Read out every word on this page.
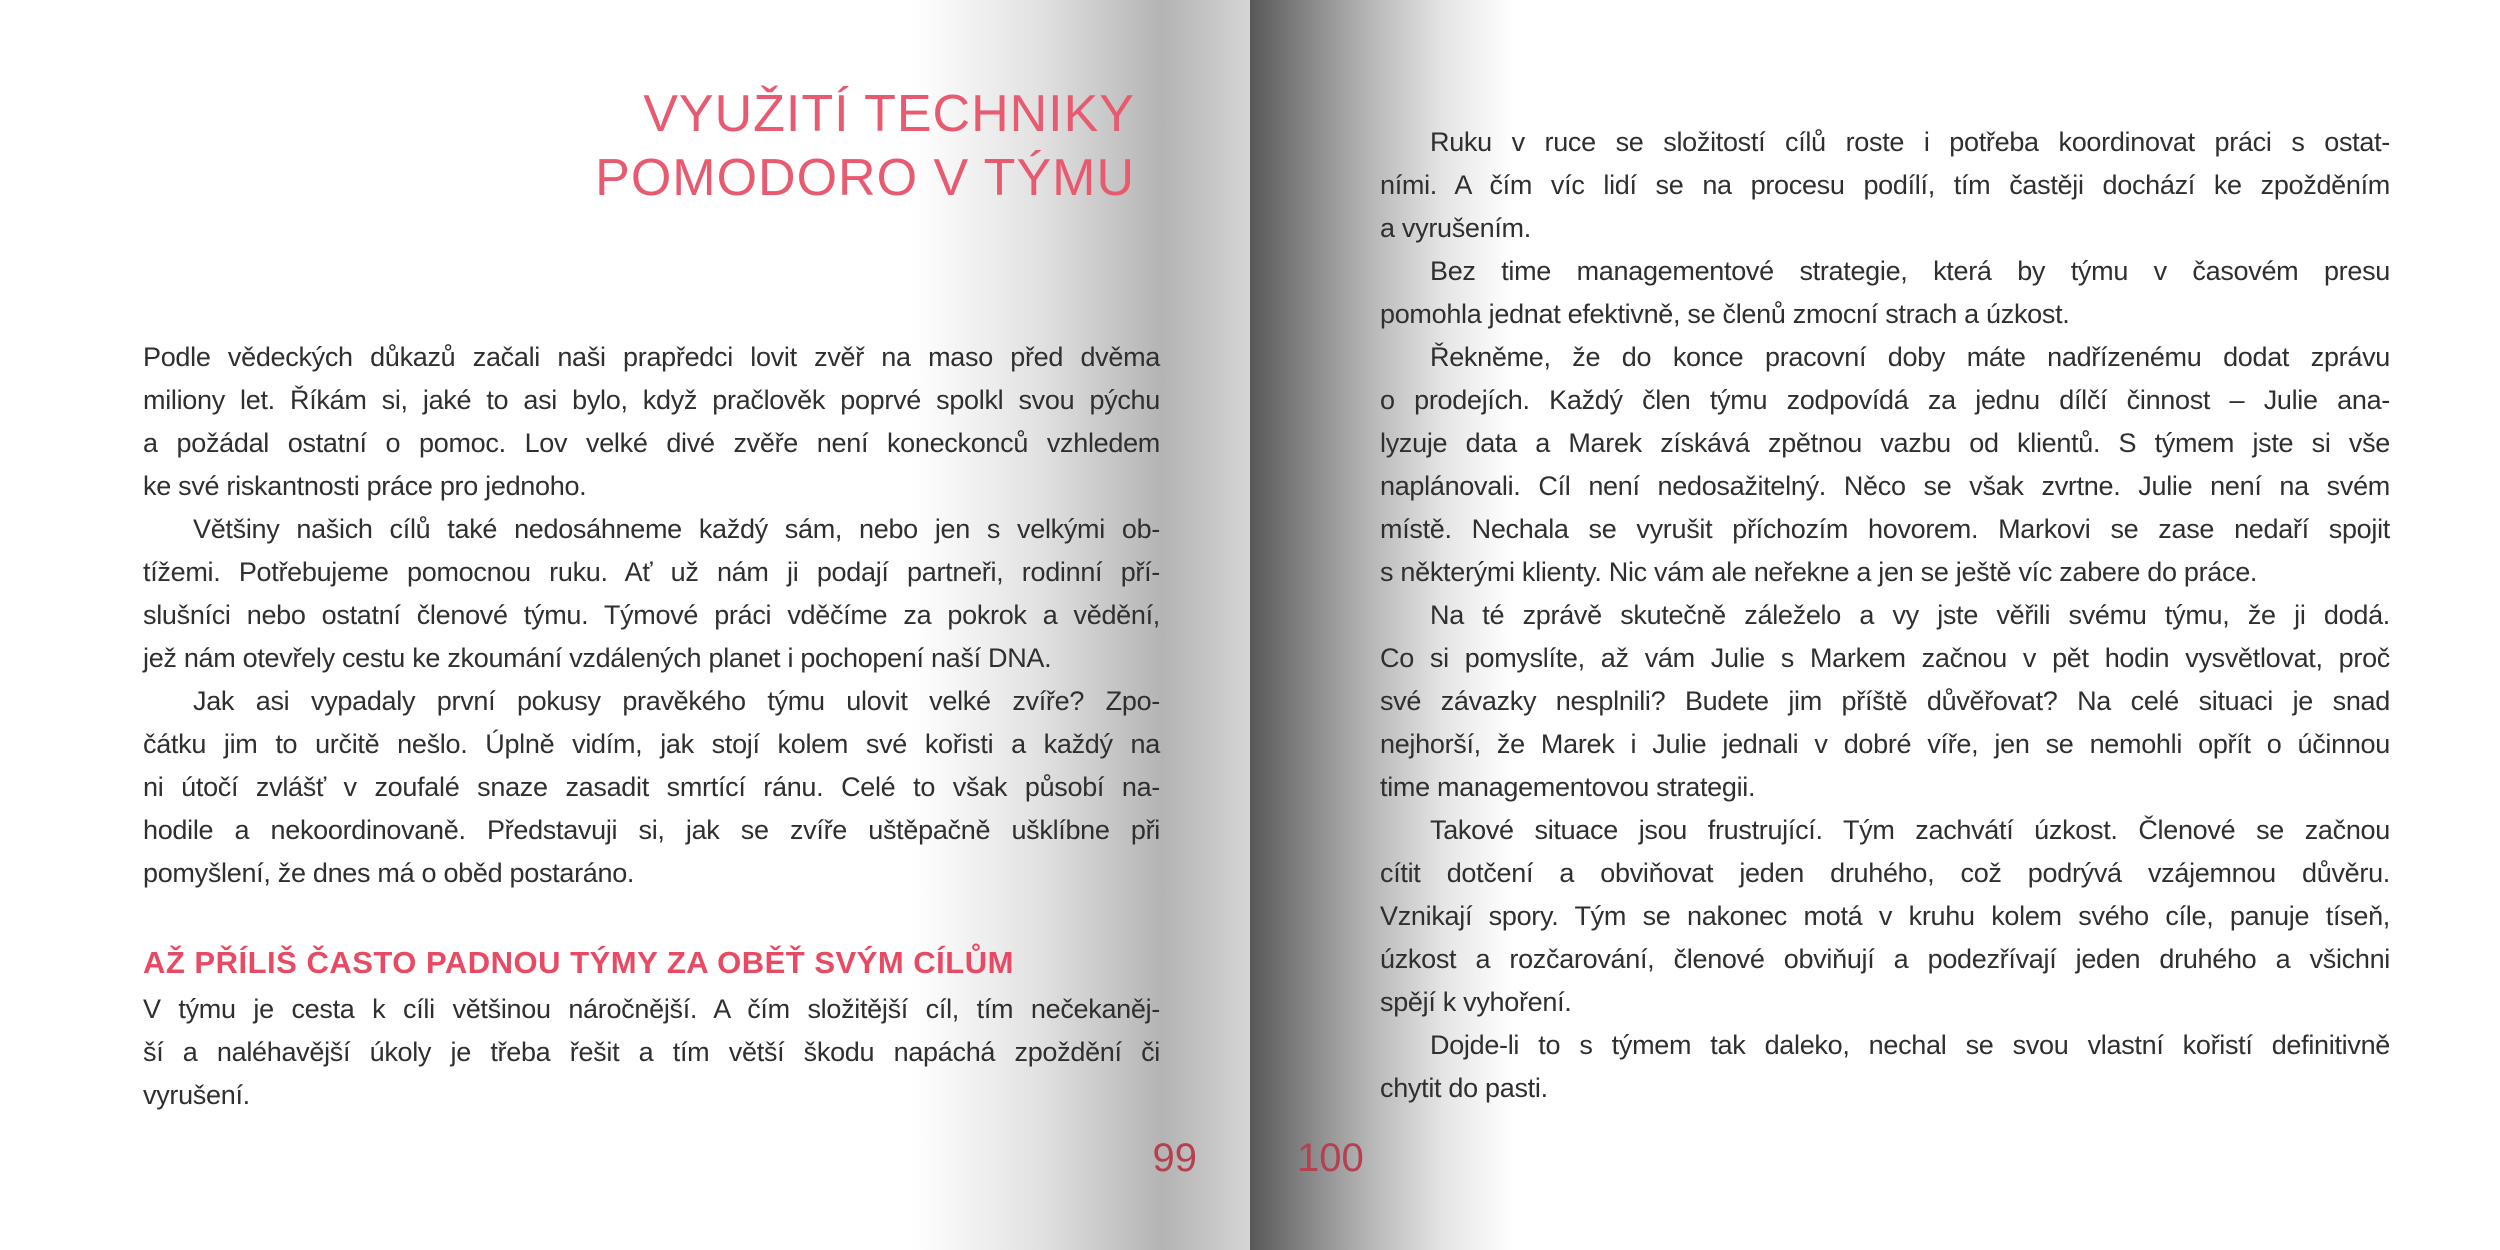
VYUŽITÍ TECHNIKY
POMODORO V TÝMU
Podle vědeckých důkazů začali naši prapředci lovit zvěř na maso před dvěma
miliony let. Říkám si, jaké to asi bylo, když pračlověk poprvé spolkl svou pýchu
a požádal ostatní o pomoc. Lov velké divé zvěře není koneckonců vzhledem
ke své riskantnosti práce pro jednoho.
Většiny našich cílů také nedosáhneme každý sám, nebo jen s velkými ob-
tížemi. Potřebujeme pomocnou ruku. Ať už nám ji podají partneři, rodinní pří-
slušníci nebo ostatní členové týmu. Týmové práci vděčíme za pokrok a vědění,
jež nám otevřely cestu ke zkoumání vzdálených planet i pochopení naší DNA.
Jak asi vypadaly první pokusy pravěkého týmu ulovit velké zvíře? Zpo-
čátku jim to určitě nešlo. Úplně vidím, jak stojí kolem své kořisti a každý na
ni útočí zvlášť v zoufalé snaze zasadit smrtící ránu. Celé to však působí na-
hodile a nekoordinovaně. Představuji si, jak se zvíře uštěpačně ušklíbne při
pomyšlení, že dnes má o oběd postaráno.
AŽ PŘÍLIŠ ČASTO PADNOU TÝMY ZA OBĚŤ SVÝM CÍLŮM
V týmu je cesta k cíli většinou náročnější. A čím složitější cíl, tím nečekaněj-
ší a naléhavější úkoly je třeba řešit a tím větší škodu napáchá zpoždění či
vyrušení.
99
Ruku v ruce se složitostí cílů roste i potřeba koordinovat práci s ostat-
ními. A čím víc lidí se na procesu podílí, tím častěji dochází ke zpožděním
a vyrušením.
Bez time managementové strategie, která by týmu v časovém presu
pomohla jednat efektivně, se členů zmocní strach a úzkost.
Řekněme, že do konce pracovní doby máte nadřízenému dodat zprávu
o prodejích. Každý člen týmu zodpovídá za jednu dílčí činnost – Julie ana-
lyzuje data a Marek získává zpětnou vazbu od klientů. S týmem jste si vše
naplánovali. Cíl není nedosažitelný. Něco se však zvrtne. Julie není na svém
místě. Nechala se vyrušit příchozím hovorem. Markovi se zase nedaří spojit
s některými klienty. Nic vám ale neřekne a jen se ještě víc zabere do práce.
Na té zprávě skutečně záleželo a vy jste věřili svému týmu, že ji dodá.
Co si pomyslíte, až vám Julie s Markem začnou v pět hodin vysvětlovat, proč
své závazky nesplnili? Budete jim příště důvěřovat? Na celé situaci je snad
nejhorší, že Marek i Julie jednali v dobré víře, jen se nemohli opřít o účinnou
time managementovou strategii.
Takové situace jsou frustrující. Tým zachvátí úzkost. Členové se začnou
cítit dotčení a obviňovat jeden druhého, což podrývá vzájemnou důvěru.
Vznikají spory. Tým se nakonec motá v kruhu kolem svého cíle, panuje tíseň,
úzkost a rozčarování, členové obviňují a podezřívají jeden druhého a všichni
spějí k vyhoření.
Dojde-li to s týmem tak daleko, nechal se svou vlastní kořistí definitivně
chytit do pasti.
100
